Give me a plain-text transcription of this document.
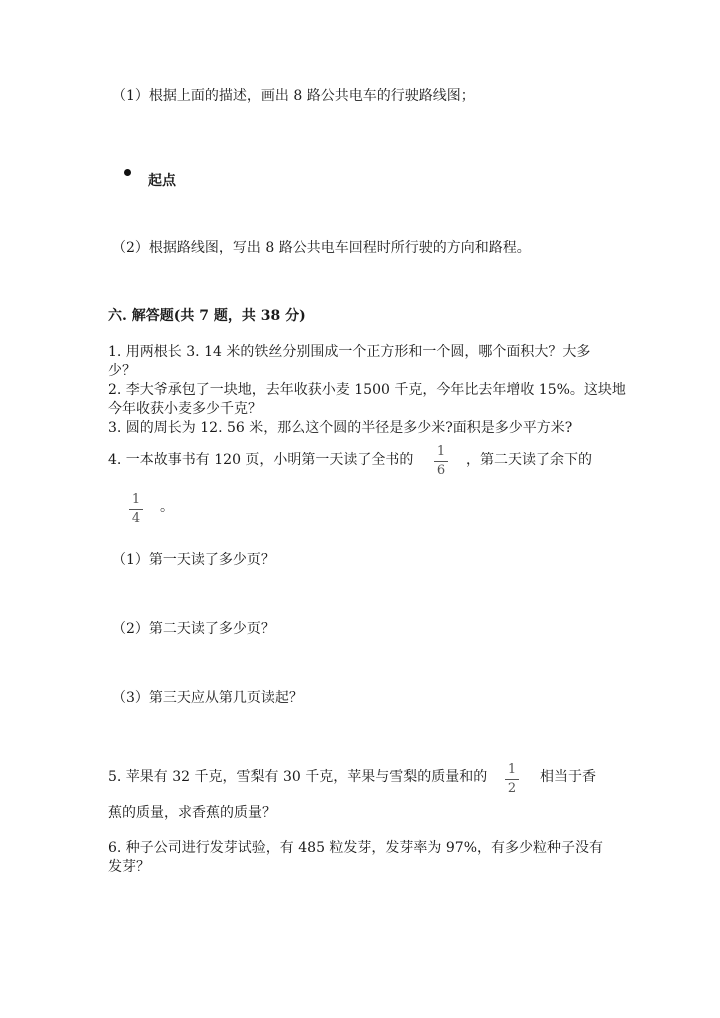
（1）根据上面的描述，画出 8 路公共电车的行驶路线图；
起点
（2）根据路线图，写出 8 路公共电车回程时所行驶的方向和路程。
六. 解答题(共 7 题，共 38 分)
1. 用两根长 3. 14 米的铁丝分别围成一个正方形和一个圆，哪个面积大？大多
少？
2. 李大爷承包了一块地，去年收获小麦 1500 千克，今年比去年增收 15%。这块地
今年收获小麦多少千克？
3. 圆的周长为 12. 56 米，那么这个圆的半径是多少米?面积是多少平方米?
4. 一本故事书有 120 页，小明第一天读了全书的
1
6
，第二天读了余下的
1
4
。
（1）第一天读了多少页？
（2）第二天读了多少页？
（3）第三天应从第几页读起？
5. 苹果有 32 千克，雪梨有 30 千克，苹果与雪梨的质量和的 1
2
相当于香
蕉的质量，求香蕉的质量？
6. 种子公司进行发芽试验，有 485 粒发芽，发芽率为 97%，有多少粒种子没有
发芽？
